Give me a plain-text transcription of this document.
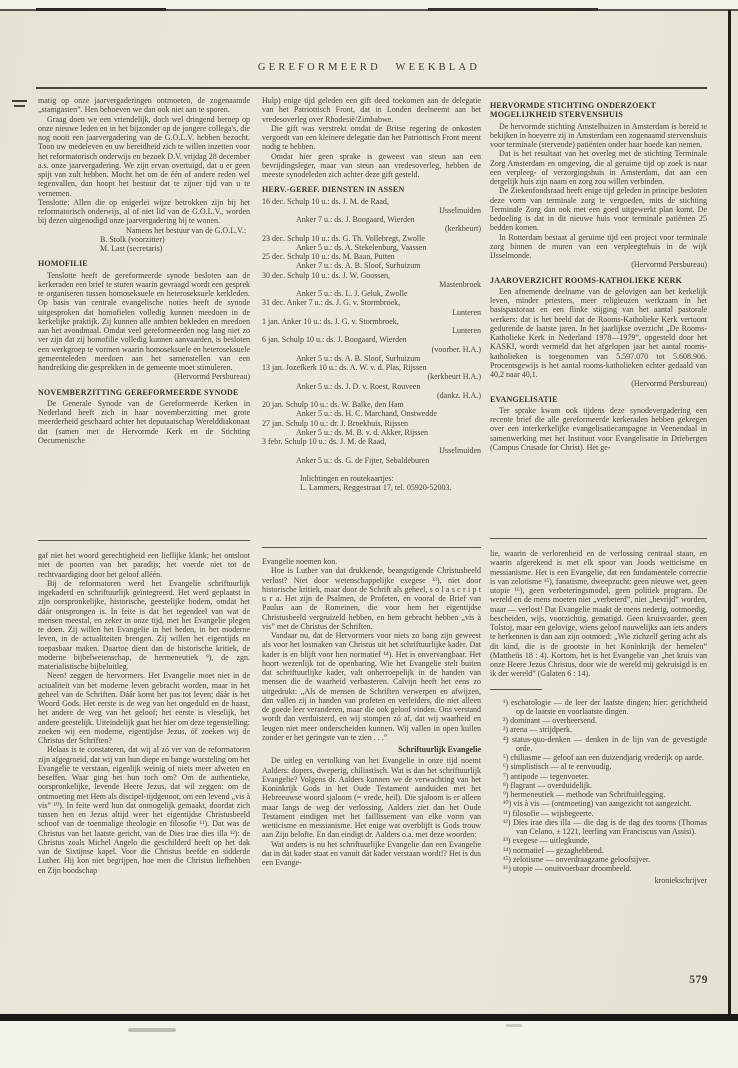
GEREFORMEERD WEEKBLAD
matig op onze jaarvergaderingen ontmoeten, de zogenaamde „stamgasten”. Hen behoeven we dan ook niet aan te sporen.
Graag doen we een vriendelijk, doch wel dringend beroep op onze nieuwe leden en in het bijzonder op de jongere collega's, die nog nooit een jaarvergadering van de G.O.L.V. hebben bezocht. Toon uw medeleven en uw bereidheid zich te willen inzetten voor het reformatorisch onderwijs en bezoek D.V. vrijdag 28 december a.s. onze jaarvergadering. We zijn ervan overtuigd, dat u er geen spijt van zult hebben. Mocht het om de één of andere reden wel tegenvallen, dan hoopt het bestuur dat te zijner tijd van u te vernemen.
Tenslotte: Allen die op enigerlei wijze betrokken zijn bij het reformatorisch onderwijs, al of niet lid van de G.O.L.V., worden bij dezen uitgenodigd onze jaarvergadering bij te wonen.
Namens het bestuur van de G.O.L.V.:
B. Stolk (voorzitter)
M. Last (secretaris)
HOMOFILIE
Tenslotte heeft de gereformeerde synode besloten aan de kerkeraden een brief te sturen waarin gevraagd wordt een gesprek te organiseren tussen homoseksuele en heteroseksuele kerkleden. Op basis van centrale evangelische noties heeft de synode uitgesproken dat homofielen volledig kunnen meedoen in de kerkelijke praktijk. Zij kunnen alle ambten bekleden en meedoen aan het avondmaal. Omdat veel gereformeerden nog lang niet zo ver zijn dat zij homofilie volledig kunnen aanvaarden, is besloten een werkgroep te vormen waarin homoseksuele en heteroseksuele gemeenteleden meedoen aan het samenstellen van een handreiking die gesprekken in de gemeente moet stimuleren.
(Hervormd Persbureau)
NOVEMBERZITTING GEREFORMEERDE SYNODE
De Generale Synode van de Gereformeerde Kerken in Nederland heeft zich in haar novemberzitting met grote meerderheid geschaard achter het deputaatschap Werelddiakonaat dat (samen met de Hervormde Kerk en de Stichting Oecumenische
Hulp) enige tijd geleden een gift deed toekomen aan de delegatie van het Patriottisch Front, dat in Londen deelneemt aan het vredesoverleg over Rhodesië/Zimbabwe.
Die gift was verstrekt omdat de Britse regering de onkosten vergoedt van een kleinere delegatie dan het Patriottisch Front meent nodig te hebben.
Omdat hier geen sprake is geweest van steun aan een bevrijdingsleger, maar van steun aan vredesoverleg, hebben de meeste synodeleden zich achter deze gift gesteld.
HERV.-GEREF. DIENSTEN IN ASSEN
16 dec. Schulp 10 u.: ds. J. M. de Raad,
IJsselmuiden
Anker 7 u.: ds. J. Boogaard, Wierden
(kerkbeurt)
23 dec. Schulp 10 u.: ds. G. Th. Vollebregt, Zwolle
Anker 5 u.: ds. A. Stekelenburg, Vaassen
25 dec. Schulp 10 u.: ds. M. Baan, Putten
Anker 7 u.: ds. A. B. Sloof, Surhuizum
30 dec. Schulp 10 u.: ds. J. W. Goossen,
Mastenbroek
Anker 5 u.: ds. L. J. Geluk, Zwolle
31 dec. Anker 7 u.: ds. J. G. v. Stormbroek,
Lunteren
1 jan. Anker 10 u.: ds. J. G. v. Stormbroek,
Lunteren
6 jan. Schulp 10 u.: ds. J. Boogaard, Wierden
(voorber. H.A.)
Anker 5 u.: ds. A. B. Sloof, Surhuizum
13 jan. Jozefkerk 10 u.: ds. A. W. v. d. Plas, Rijssen
(kerkbeurt H.A.)
Anker 5 u.: ds. J. D. v. Roest, Rouveen
(dankz. H.A.)
20 jan. Schulp 10 u.: ds. W. Balke, den Ham
Anker 5 u.: ds. H. C. Marchand, Onstwedde
27 jan. Schulp 10 u.: dr. J. Broekhuis, Rijssen
Anker 5 u.: ds. M. B. v. d. Akker, Rijssen
3 febr. Schulp 10 u.: ds. J. M. de Raad,
IJsselmuiden
Anker 5 u.: ds. G. de Fijter, Sebaldeburen
Inlichtingen en routekaartjes:
L. Lammers, Reggestraat 17, tel. 05920-52003.
HERVORMDE STICHTING ONDERZOEKT MOGELIJKHEID STERVENSHUIS
De hervormde stichting Amstelhuizen in Amsterdam is bereid te bekijken in hoeverre zij in Amsterdam een zogenaamd stervenshuis voor terminale (stervende) patiënten onder haar hoede kan nemen.
Dat is het resultaat van het overleg met de stichting Terminale Zorg Amsterdam en omgeving, die al geruime tijd op zoek is naar een verpleeg- of verzorgingshuis in Amsterdam, dat aan een dergelijk huis zijn naam en zorg zou willen verbinden.
De Ziekenfondsraad heeft enige tijd geleden in principe besloten deze vorm van terminale zorg te vergoeden, mits de stichting Terminale Zorg dan ook met een goed uitgewerkt plan komt. De bedoeling is dat in dit nieuwe huis voor terminale patiënten 25 bedden komen.
In Rotterdam bestaat al geruime tijd een project voor terminale zorg binnen de muren van een verpleegtehuis in de wijk IJsselmonde.
(Hervormd Persbureau)
JAAROVERZICHT ROOMS-KATHOLIEKE KERK
Een afnemende deelname van de gelovigen aan het kerkelijk leven, minder priesters, meer religieuzen werkzaam in het basispastoraat en een flinke stijging van het aantal pastorale werkers: dat is het beeld dat de Rooms-Katholieke Kerk vertoont gedurende de laatste jaren. In het jaarlijkse overzicht „De Rooms-Katholieke Kerk in Nederland 1978—1979”, opgesteld door het KASKI, wordt vermeld dat het afgelopen jaar het aantal rooms-katholieken is toegenomen van 5.597.070 tot 5.608.906. Procentsgewijs is het aantal rooms-katholieken echter gedaald van 40,2 naar 40,1.
(Hervormd Persbureau)
EVANGELISATIE
Ter sprake kwam ook tijdens deze synodevergadering een recente brief die alle gereformeerde kerkeraden hebben gekregen over een interkerkelijke evangelisatiecampagne in Veenendaal in samenwerking met het Instituut voor Evangelisatie in Driebergen (Campus Crusade for Christ). Het ge-
gaf niet het woord gerechtigheid een lieflijke klank; het ontsloot niet de poorten van het paradijs; het voerde niet tot de rechtvaardiging door het geloof alléén.
Bij de reformatoren werd het Evangelie schriftuurlijk ingekaderd en schriftuurlijk geïntegreerd. Het werd geplaatst in zijn oorspronkelijke, historische, geestelijke bodem, omdat het dáár ontsprongen is. In feite is dat het tegendeel van wat de mensen meestal, en zeker in onze tijd, met het Evangelie plegen te doen. Zij willen het Evangelie in het heden, in het moderne leven, in de actualiteiten brengen. Zij willen het eigentijds en toepasbaar maken. Daartoe dient dan de historische kritiek, de moderne bijbelwetenschap, de hermeneutiek ⁹), de zgn. materialistische bijbeluitleg.
Neen! zeggen de hervormers. Het Evangelie moet niet in de actualiteit van het moderne leven gebracht worden, maar in het geheel van de Schriften. Dáár komt het pas tot leven; dáár is het Woord Gods. Het eerste is de weg van het ongeduld en de haast, het andere de weg van het geloof; het eerste is vleselijk, het andere geestelijk. Uiteindelijk gaat het hier om deze tegenstelling: zoeken wij een moderne, eigentijdse Jezus, óf zoeken wij de Christus der Schriften?
Helaas is te constateren, dat wij al zó ver van de reformatoren zijn afgegroeid, dat wij van hun diepe en bange worsteling om het Evangelie te verstaan, eigenlijk weinig of niets meer afweten en beseffen. Waar ging het hun toch om? Om de authentieke, oorspronkelijke, levende Heere Jezus, dat wil zeggen: om de ontmoeting met Hem als discipel-tijdgenoot, om een levend „vis à vis” ¹⁰). In feite werd hun dat onmogelijk gemaakt, doordat zich tussen hen en Jezus altijd weer het eigentijdse Christusbeeld schoof van de toenmalige theologie en filosofie ¹¹). Dat was de Christus van het laatste gericht, van de Dies irae dies illa ¹²): de Christus zoals Michel Angelo die geschilderd heeft op het dak van de Sixtijnse kapel. Voor die Christus beefde en sidderde Luther. Hij kon niet begrijpen, hoe men die Christus liefhebben en Zijn boodschap
Evangelie noemen kon.
Hoe is Luther van dat drukkende, beangstigende Christusbeeld verlost? Niet door wetenschappelijke exegese ¹³), niet door historische kritiek, maar door de Schrift als geheel, s o l a s c r i p t u r a. Het zijn de Psalmen, de Profeten, en vooral de Brief van Paulus aan de Romeinen, die voor hem het eigentijdse Christusbeeld vergruizeld hebben, en hem gebracht hebben „vis à vis” met de Christus der Schriften.
Vandaar nu, dat de Hervormers voor niets zo bang zijn geweest als voor het losmaken van Christus uit het schriftuurlijke kader. Dat kader is en blijft voor hen normatief ¹⁴). Het is onvervangbaar. Het hoort wezenlijk tot de openbaring. Wie het Evangelie stelt buiten dat schriftuurlijke kader, valt onherroepelijk in de handen van mensen die de waarheid verbasteren. Calvijn heeft het eens zo uitgedrukt: „Als de mensen de Schriften verwerpen en afwijzen, dan vallen zij in handen van profeten en verleiders, die niet alleen de goede leer veranderen, maar die ook geloof vinden. Ons verstand wordt dan verduisterd, en wij stompen zó af, dat wij waarheid en leugen niet meer onderscheiden kunnen. Wij vallen in open kuilen zonder er het geringste van te zien . . .”
Schriftuurlijk Evangelie
De uitleg en vertolking van het Evangelie in onze tijd noemt Aalders: dopers, dweperig, chiliastisch. Wat is dan het schriftuurlijk Evangelie? Volgens dr. Aalders kunnen we de verwachting van het Koninkrijk Gods in het Oude Testament aanduiden met het Hebreeuwse woord sjaloom (= vrede, heil). Die sjaloom is er alleen maar langs de weg der verlossing. Aalders ziet dan het Oude Testament eindigen met het faillissement van elke vorm van wetticisme en messianisme. Het enige wat overblijft is Gods trouw aan Zijn belofte. En dan eindigt dr. Aalders o.a. met deze woorden:
Wat anders is nu het schriftuurlijke Evangelie dan een Evangelie dat in dàt kader staat en vanuit dàt kader verstaan wordt!? Het is dus een Evange-
lie, waarin de verlorenheid en de verlossing centraal staan, en waarin afgerekend is met elk spoor van Joods wetticisme en messianisme. Het is een Evangelie, dat een fundamentele correctie is van zelotisme ¹⁵), fanatisme, dweepzucht: geen nieuwe wet, geen utopie ¹⁶), geen verbeteringsmodel, geen politiek program. De wereld en de mens moeten niet „verbeterd”, niet „bevrijd” worden, maar — verlost! Dat Evangelie maakt de mens nederig, ootmoedig, bescheiden, wijs, voorzichtig, gematigd. Geen kruisvaarder, geen Tolstoj, maar een gelovige, wiens geloof nauwelijks aan iets anders te herkennen is dan aan zijn ootmoed: „Wie zichzelf gering acht als dit kind, die is de grootste in het Koninkrijk der hemelen” (Mattheüs 18 : 4). Kortom, het is het Evangelie van „het kruis van onze Heere Jezus Christus, door wie de wereld mij gekruisigd is en ik der wereld” (Galaten 6 : 14).
¹) eschatologie — de leer der laatste dingen; hier: gerichtheid op de laatste en voorlaatste dingen.
²) dominant — overheersend.
³) arena — strijdperk.
⁴) status-quo-denken — denken in de lijn van de gevestigde orde.
⁵) chiliasme — geloof aan een duizendjarig vrederijk op aarde.
⁶) simplistisch — al te eenvoudig.
⁷) antipode — tegenvoeter.
⁸) flagrant — overduidelijk.
⁹) hermeneutiek — methode van Schriftuitlegging.
¹⁰) vis à vis — (ontmoeting) van aangezicht tot aangezicht.
¹¹) filosofie — wijsbegeerte.
¹²) Dies irae dies illa — die dag is de dag des toorns (Thomas van Celano, ± 1221, leerling van Franciscus van Assisi).
¹³) exegese — uitlegkunde.
¹⁴) normatief — gezaghebbend.
¹⁵) zelotisme — onverdraagzame geloofsijver.
¹⁶) utopie — onuitvoerbaar droombeeld.
kroniekschrijver
579
